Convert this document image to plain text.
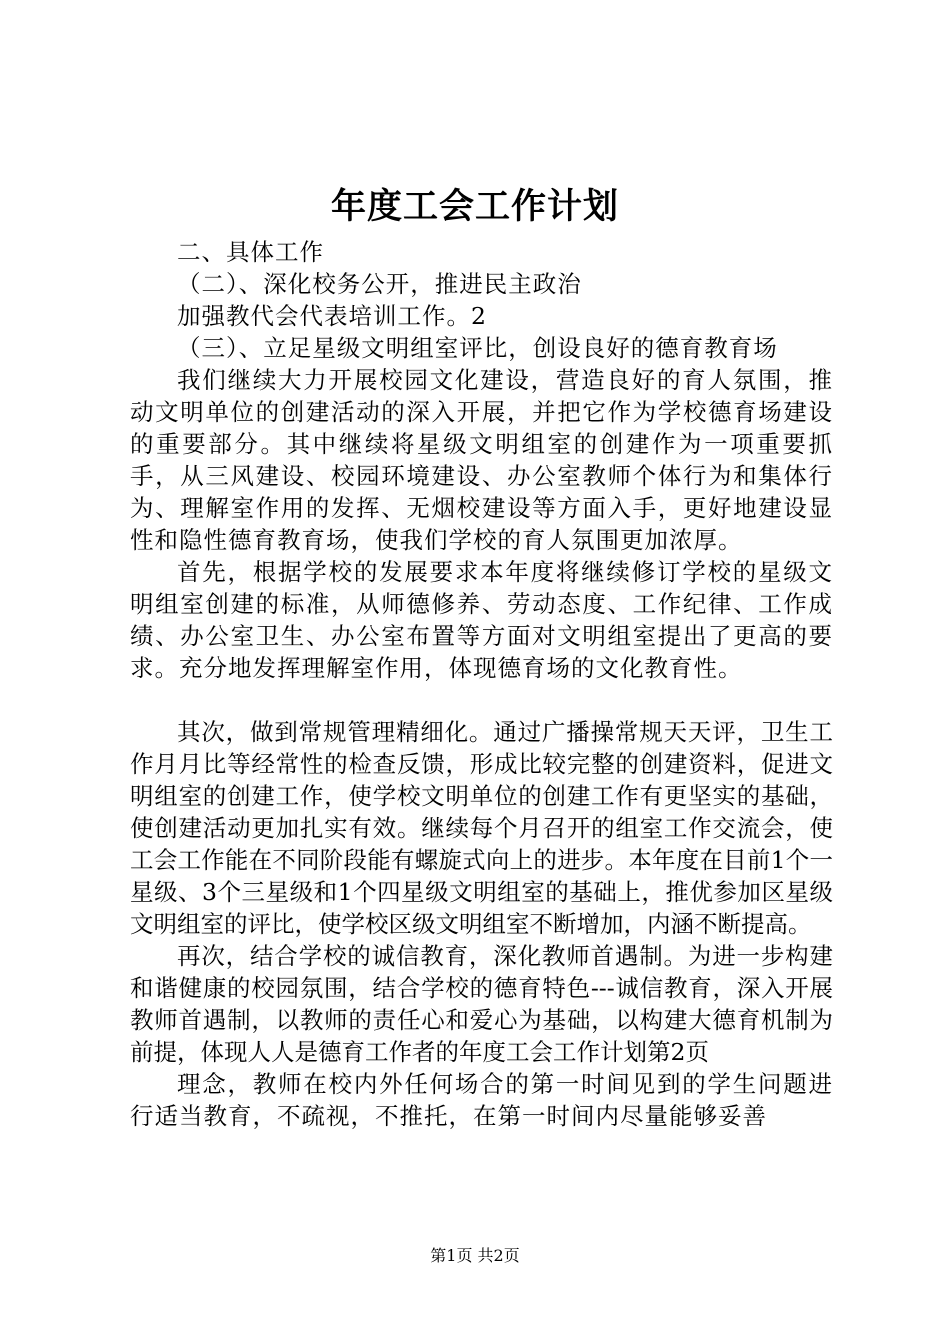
年度工会工作计划

二、具体工作

（二）、深化校务公开，推进民主政治

加强教代会代表培训工作。2

（三）、立足星级文明组室评比，创设良好的德育教育场

我们继续大力开展校园文化建设，营造良好的育人氛围，推动文明单位的创建活动的深入开展，并把它作为学校德育场建设的重要部分。其中继续将星级文明组室的创建作为一项重要抓手，从三风建设、校园环境建设、办公室教师个体行为和集体行为、理解室作用的发挥、无烟校建设等方面入手，更好地建设显性和隐性德育教育场，使我们学校的育人氛围更加浓厚。

首先，根据学校的发展要求本年度将继续修订学校的星级文明组室创建的标准，从师德修养、劳动态度、工作纪律、工作成绩、办公室卫生、办公室布置等方面对文明组室提出了更高的要求。充分地发挥理解室作用，体现德育场的文化教育性。

其次，做到常规管理精细化。通过广播操常规天天评，卫生工作月月比等经常性的检查反馈，形成比较完整的创建资料，促进文明组室的创建工作，使学校文明单位的创建工作有更坚实的基础，使创建活动更加扎实有效。继续每个月召开的组室工作交流会，使工会工作能在不同阶段能有螺旋式向上的进步。本年度在目前1个一星级、3个三星级和1个四星级文明组室的基础上，推优参加区星级文明组室的评比，使学校区级文明组室不断增加，内涵不断提高。

再次，结合学校的诚信教育，深化教师首遇制。为进一步构建和谐健康的校园氛围，结合学校的德育特色---诚信教育，深入开展教师首遇制，以教师的责任心和爱心为基础，以构建大德育机制为前提，体现人人是德育工作者的年度工会工作计划第2页

理念，教师在校内外任何场合的第一时间见到的学生问题进行适当教育，不疏视，不推托，在第一时间内尽量能够妥善

第1页 共2页
